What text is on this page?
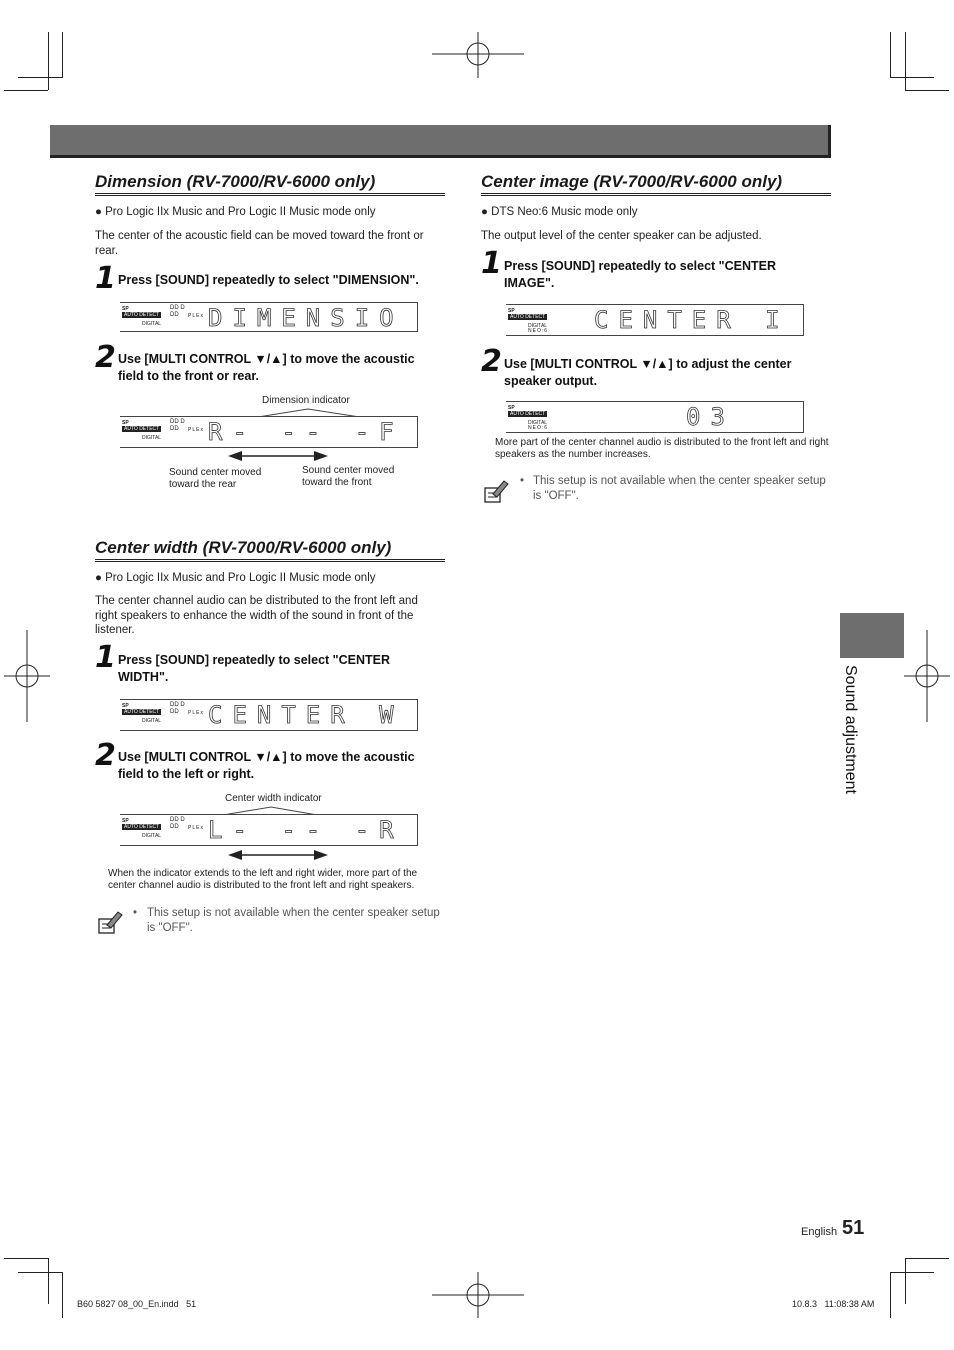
Dimension (RV-7000/RV-6000 only)
● Pro Logic IIx Music and Pro Logic II Music mode only
The center of the acoustic field can be moved toward the front or rear.
1 Press [SOUND] repeatedly to select "DIMENSION".
SP
AUTO DETECT
DIGITAL
DD D
DD	PLEx DIMENSIO
2 Use [MULTI CONTROL ▼/▲] to move the acoustic field to the front or rear.
Dimension indicator
SP
AUTO DETECT
DIGITAL
DD D
DD	PLEx R- -- -F
Sound center moved toward the rear
Sound center moved toward the front
Center width (RV-7000/RV-6000 only)
● Pro Logic IIx Music and Pro Logic II Music mode only
The center channel audio can be distributed to the front left and right speakers to enhance the width of the sound in front of the listener.
1 Press [SOUND] repeatedly to select "CENTER WIDTH".
SP
AUTO DETECT
DIGITAL
DD D
DD	PLEx CENTER W
2 Use [MULTI CONTROL ▼/▲] to move the acoustic field to the left or right.
Center width indicator
SP
AUTO DETECT
DIGITAL
DD D
DD	PLEx L- -- -R
When the indicator extends to the left and right wider, more part of the center channel audio is distributed to the front left and right speakers.
• This setup is not available when the center speaker setup is "OFF".
Center image (RV-7000/RV-6000 only)
● DTS Neo:6 Music mode only
The output level of the center speaker can be adjusted.
1 Press [SOUND] repeatedly to select "CENTER IMAGE".
SP
AUTO DETECT
DIGITAL
NEO:6 CENTER I
2 Use [MULTI CONTROL ▼/▲] to adjust the center speaker output.
SP
AUTO DETECT
DIGITAL
NEO:6	03
More part of the center channel audio is distributed to the front left and right speakers as the number increases.
• This setup is not available when the center speaker setup is "OFF".
Sound adjustment
English 51
B60 5827 08_00_En.indd   51	10.8.3   11:08:38 AM
